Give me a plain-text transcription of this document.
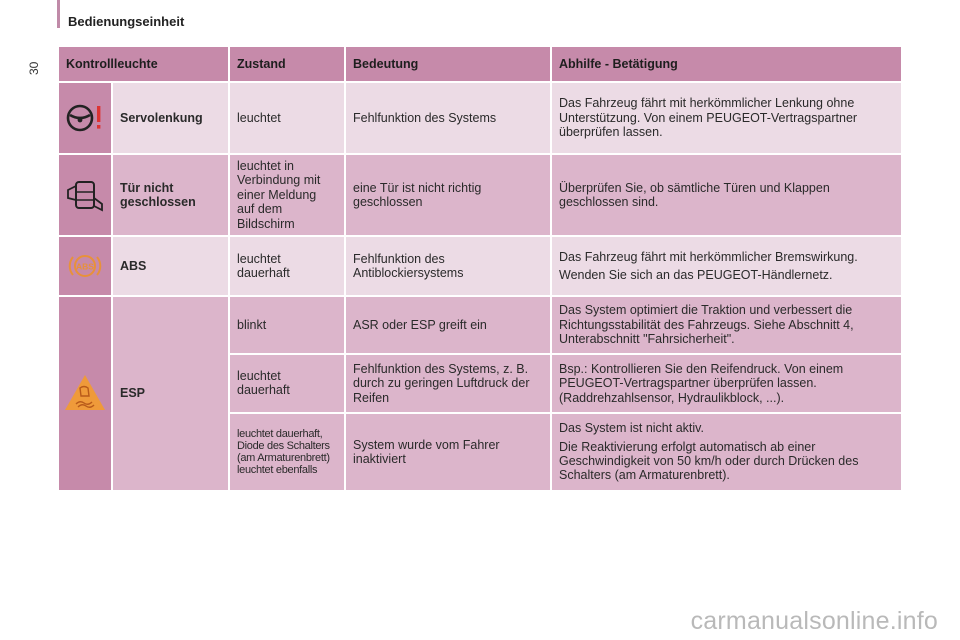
30
Bedienungseinheit
Kontrollleuchte		Zustand	Bedeutung	Abhilfe - Betätigung

	Servolenkung	leuchtet	Fehlfunktion des Systems	Das Fahrzeug fährt mit herkömmlicher Lenkung ohne Unterstützung. Von einem PEUGEOT-Vertragspartner überprüfen lassen.

	Tür nicht geschlossen	leuchtet in Verbindung mit einer Meldung auf dem Bildschirm	eine Tür ist nicht richtig geschlossen	Überprüfen Sie, ob sämtliche Türen und Klappen geschlossen sind.

ABS	ABS	leuchtet dauerhaft	Fehlfunktion des Antiblockiersystems	Das Fahrzeug fährt mit herkömmlicher Bremswirkung.
Wenden Sie sich an das PEUGEOT-Händlernetz.

	ESP	blinkt	ASR oder ESP greift ein	Das System optimiert die Traktion und verbessert die Richtungsstabilität des Fahrzeugs. Siehe Abschnitt 4, Unterabschnitt "Fahrsicherheit".

		leuchtet dauerhaft	Fehlfunktion des Systems, z. B. durch zu geringen Luftdruck der Reifen	Bsp.: Kontrollieren Sie den Reifendruck. Von einem PEUGEOT-Vertragspartner überprüfen lassen. (Raddrehzahlsensor, Hydraulikblock, ...).

		leuchtet dauerhaft, Diode des Schalters (am Armaturenbrett) leuchtet ebenfalls	System wurde vom Fahrer inaktiviert	Das System ist nicht aktiv.
Die Reaktivierung erfolgt automatisch ab einer Geschwindigkeit von 50 km/h oder durch Drücken des Schalters (am Armaturenbrett).
carmanualsonline.info
